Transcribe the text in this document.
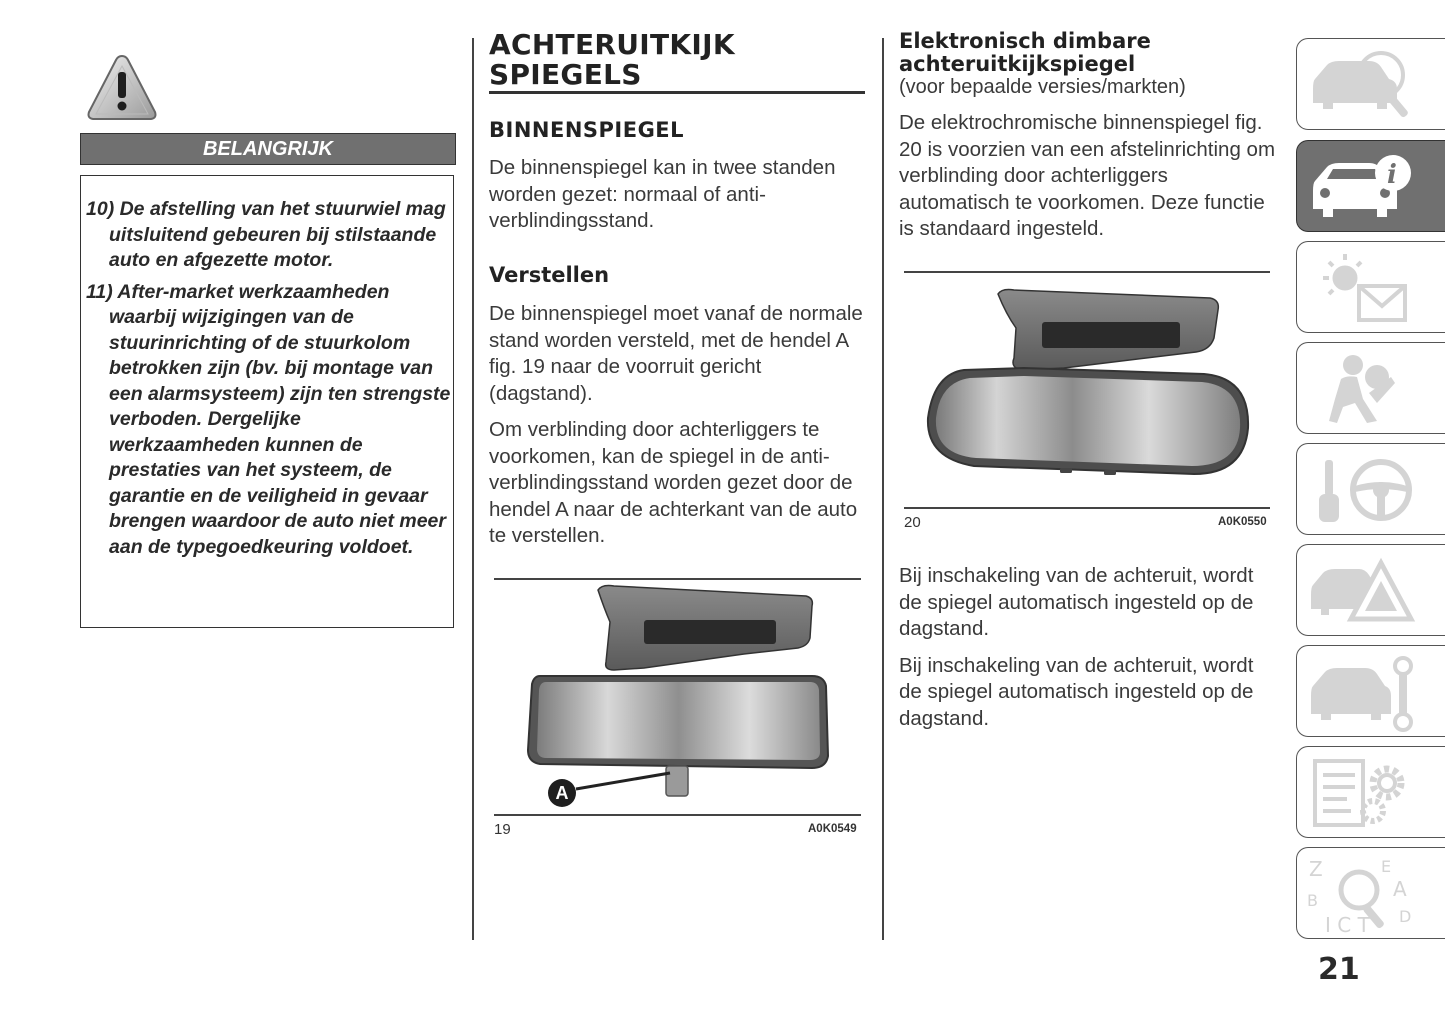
BELANGRIJK
10) De afstelling van het stuurwiel mag uitsluitend gebeuren bij stilstaande auto en afgezette motor.
11) After-market werkzaamheden waarbij wijzigingen van de stuurinrichting of de stuurkolom betrokken zijn (bv. bij montage van een alarmsysteem) zijn ten strengste verboden. Dergelijke werkzaamheden kunnen de prestaties van het systeem, de garantie en de veiligheid in gevaar brengen waardoor de auto niet meer aan de typegoedkeuring voldoet.
ACHTERUITKIJK
SPIEGELS
BINNENSPIEGEL

De binnenspiegel kan in twee standen worden gezet: normaal of anti-verblindingsstand.

Verstellen

De binnenspiegel moet vanaf de normale stand worden versteld, met de hendel A fig. 19 naar de voorruit gericht (dagstand).

Om verblinding door achterliggers te voorkomen, kan de spiegel in de anti-verblindingsstand worden gezet door de hendel A naar de achterkant van de auto te verstellen.

A
19	A0K0549
Elektronisch dimbare
achteruitkijkspiegel
(voor bepaalde versies/markten)

De elektrochromische binnenspiegel fig. 20 is voorzien van een afstelinrichting om verblinding door achterliggers automatisch te voorkomen. Deze functie is standaard ingesteld.

20	A0K0550

Bij inschakeling van de achteruit, wordt de spiegel automatisch ingesteld op de dagstand.

Bij inschakeling van de achteruit, wordt de spiegel automatisch ingesteld op de dagstand.

i
Z	E
B	A
D
I C T
21
